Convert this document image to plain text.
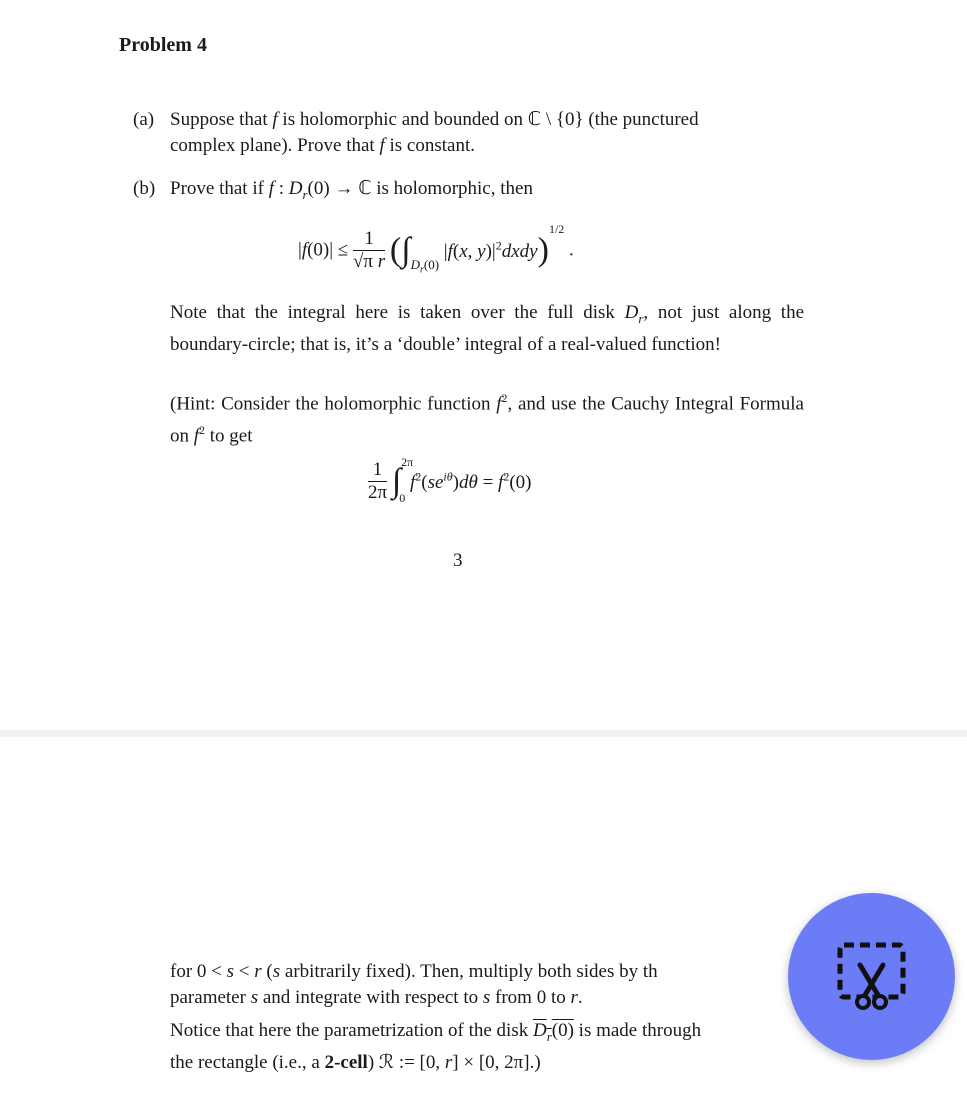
Problem 4
(a) Suppose that f is holomorphic and bounded on ℂ \ {0} (the punctured
complex plane). Prove that f is constant.
(b) Prove that if f : $D_r(0)$ → ℂ is holomorphic, then
$|f(0)| \le \frac{1}{\text{√π r}} (\int_{D_r(0)}$ |f(x, $y)|^2dxdy)^{1/2}$ .
Note that the integral here is taken over the full disk $D_r$, not just along the boundary-circle; that is, it’s a ‘double’ integral of a real-valued function!
(Hint: Consider the holomorphic function $f^2$, and use the Cauchy Integral Formula on $f^2$ to get
$\frac{1}{2\pi} \int^{2\pi}_0$ $f^2(se^{i\theta})d\theta = f^2(0)$
3
for 0 < s < r (s arbitrarily fixed). Then, multiply both sides by th
parameter s and integrate with respect to s from 0 to r.
Notice that here the parametrization of the disk $D_r(0)$ is made through
the rectangle (i.e., a 2-cell) ℛ := [0, r] × [0, 2π].)
